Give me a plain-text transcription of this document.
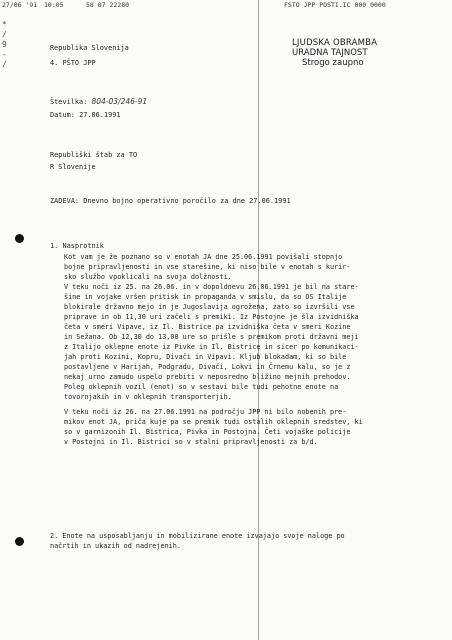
27/06 '91 10:05	58 07 22280	FSTO JPP POSTI.IC 000 0000
*
/
9
-
/
LJUDSKA OBRAMBA
URADNA TAJNOST
Strogo zaupno
Republika Slovenija
4. PŠTO JPP
Številka: 804-03/246-91
Datum: 27.06.1991
Republiški štab za TO
R Slovenije
ZADEVA: Dnevno bojno operativno poročilo za dne 27.06.1991
1. Nasprotnik
Kot vam je že poznano so v enotah JA dne 25.06.1991 povišali stopnjo
bojne pripravljenosti in vse starešine, ki niso bile v enotah s kurir-
sko službo vpoklicali na svoja dolžnosti.
V teku noči iz 25. na 26.06. in v dopoldnevu 26.06.1991 je bil na stare-
šine in vojake vršen pritisk in propaganda v smislu, da so OS Italije
blokirale državno mejo in je Jugoslavija ogrožena, zato so izvršili vse
priprave in ob 11,30 uri začeli s premiki. Iz Postojne je šla izvidniška
četa v smeri Vipave, iz Il. Bistrice pa izvidniška četa v smeri Kozine
in Sežana. Ob 12,30 do 13,00 ure so prišle s premikom proti državni meji
z Italijo oklepne enote iz Pivke in Il. Bistrice in sicer po komunikaci-
jah proti Kozini, Kopru, Divači in Vipavi. Kljub blokadam, ki so bile
postavljene v Harijah, Podgradu, Divači, Lokvi in Črnemu kalu, so je z
nekaj urno zamudo uspelo prebiti v neposredno bližino mejnih prehodov.
Poleg oklepnih vozil (enot) so v sestavi bile tudi pehotne enote na
tovornjakih in v oklepnih transporterjih.
V teku noči iz 26. na 27.06.1991 na področju JPP ni bilo nobenih pre-
mikov enot JA, priča kuje pa se premik tudi ostalih oklepnih sredstev, ki
so v garnizonih Il. Bistrica, Pivka in Postojna. Četi vojaške policije
v Postojni in Il. Bistrici so v stalni pripravljenosti za b/d.
2. Enote na usposabljanju in mobilizirane enote izvajajo svoje naloge po
načrtih in ukazih od nadrejenih.
